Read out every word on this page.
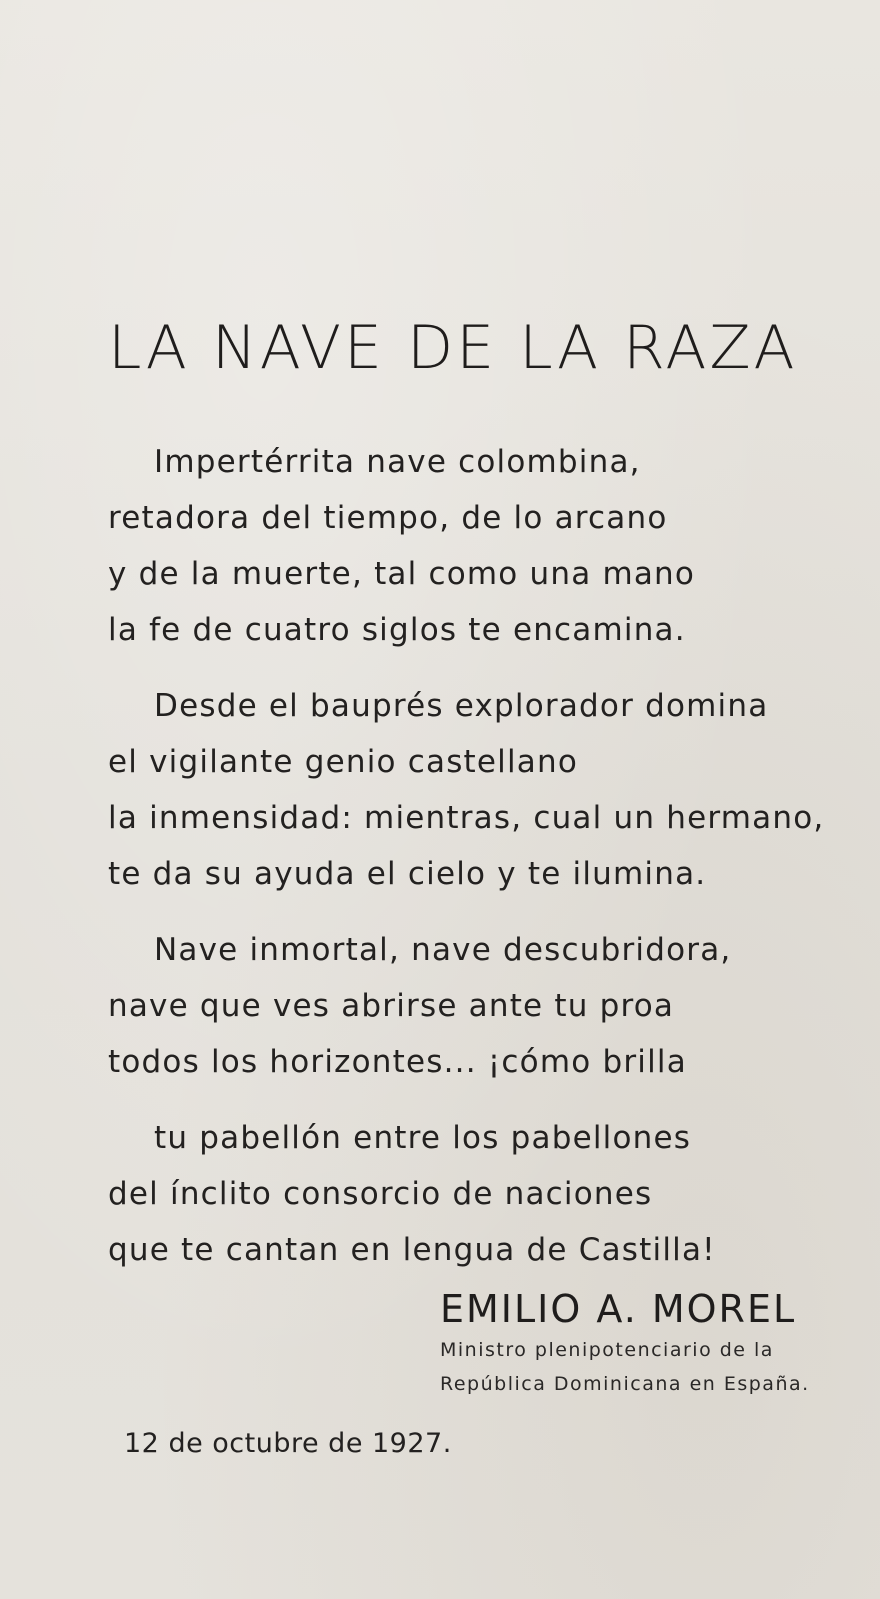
LA NAVE DE LA RAZA
Impertérrita nave colombina,
retadora del tiempo, de lo arcano
y de la muerte, tal como una mano
la fe de cuatro siglos te encamina.
Desde el bauprés explorador domina
el vigilante genio castellano
la inmensidad: mientras, cual un hermano,
te da su ayuda el cielo y te ilumina.
Nave inmortal, nave descubridora,
nave que ves abrirse ante tu proa
todos los horizontes... ¡cómo brilla
tu pabellón entre los pabellones
del ínclito consorcio de naciones
que te cantan en lengua de Castilla!
EMILIO A. MOREL
Ministro plenipotenciario de la
República Dominicana en España.
12 de octubre de 1927.
